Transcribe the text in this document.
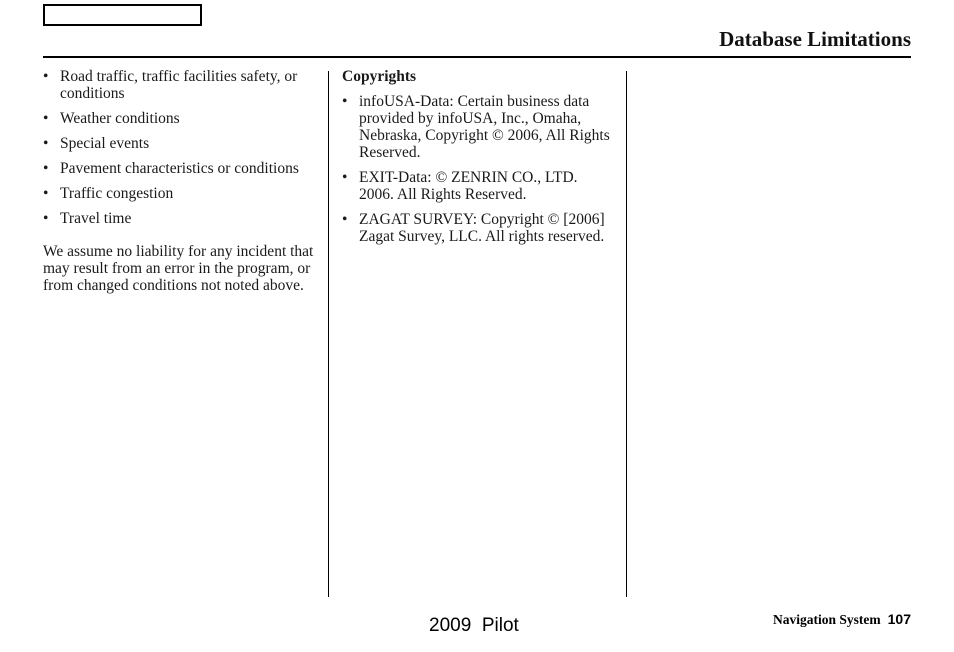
Database Limitations
• Road traffic, traffic facilities safety, or conditions
• Weather conditions
• Special events
• Pavement characteristics or conditions
• Traffic congestion
• Travel time
We assume no liability for any incident that may result from an error in the program, or from changed conditions not noted above.
Copyrights
• infoUSA-Data: Certain business data provided by infoUSA, Inc., Omaha, Nebraska, Copyright © 2006, All Rights Reserved.
• EXIT-Data: © ZENRIN CO., LTD. 2006. All Rights Reserved.
• ZAGAT SURVEY: Copyright © [2006] Zagat Survey, LLC. All rights reserved.
2009  Pilot	Navigation System 107
